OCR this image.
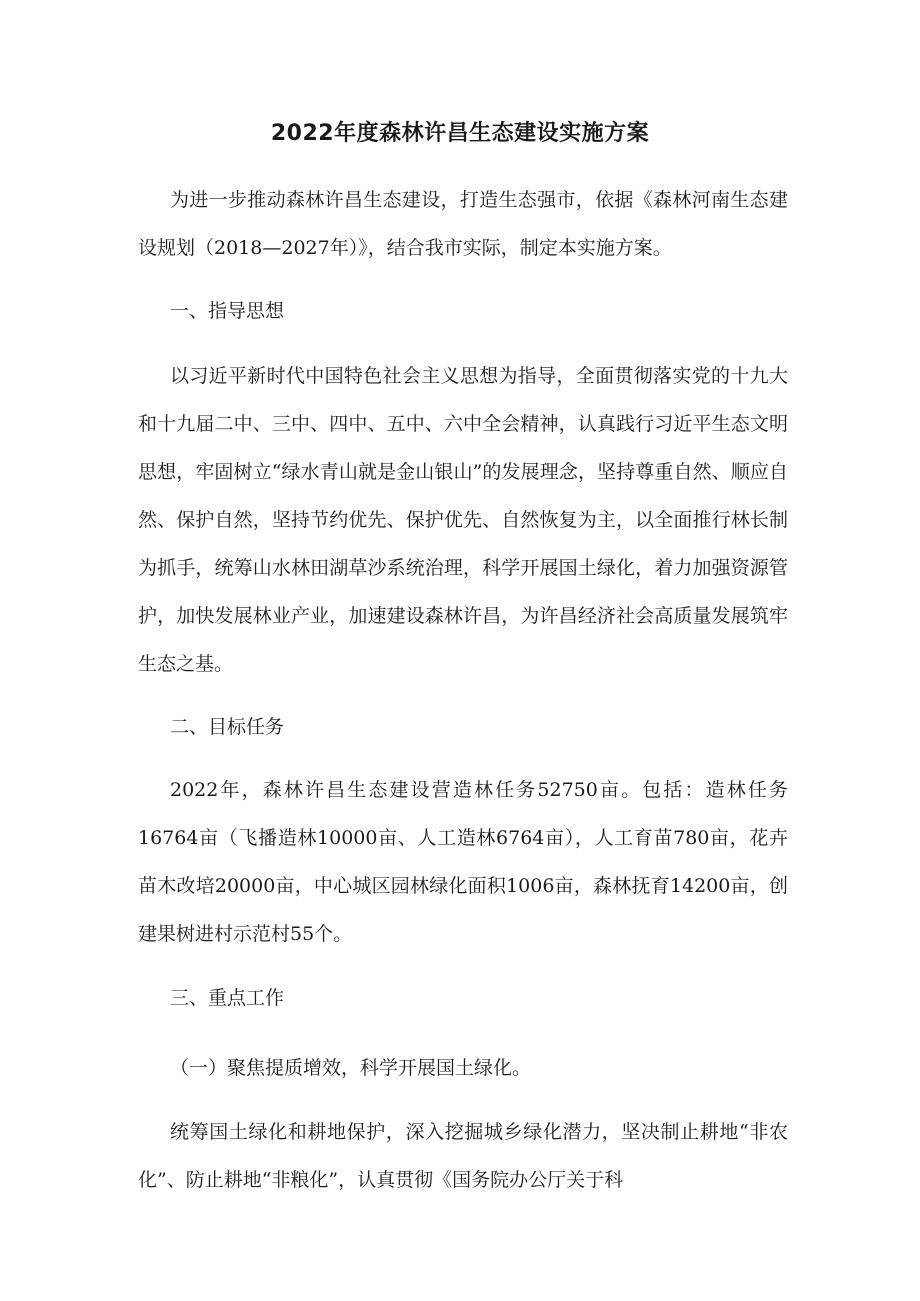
2022年度森林许昌生态建设实施方案

为进一步推动森林许昌生态建设，打造生态强市，依据《森林河南生态建设规划（2018—2027年）》，结合我市实际，制定本实施方案。

一、指导思想

以习近平新时代中国特色社会主义思想为指导，全面贯彻落实党的十九大和十九届二中、三中、四中、五中、六中全会精神，认真践行习近平生态文明思想，牢固树立“绿水青山就是金山银山”的发展理念，坚持尊重自然、顺应自然、保护自然，坚持节约优先、保护优先、自然恢复为主，以全面推行林长制为抓手，统筹山水林田湖草沙系统治理，科学开展国土绿化，着力加强资源管护，加快发展林业产业，加速建设森林许昌，为许昌经济社会高质量发展筑牢生态之基。

二、目标任务

2022年，森林许昌生态建设营造林任务52750亩。包括：造林任务16764亩（飞播造林10000亩、人工造林6764亩），人工育苗780亩，花卉苗木改培20000亩，中心城区园林绿化面积1006亩，森林抚育14200亩，创建果树进村示范村55个。

三、重点工作

（一）聚焦提质增效，科学开展国土绿化。

统筹国土绿化和耕地保护，深入挖掘城乡绿化潜力，坚决制止耕地“非农化”、防止耕地“非粮化”，认真贯彻《国务院办公厅关于科
